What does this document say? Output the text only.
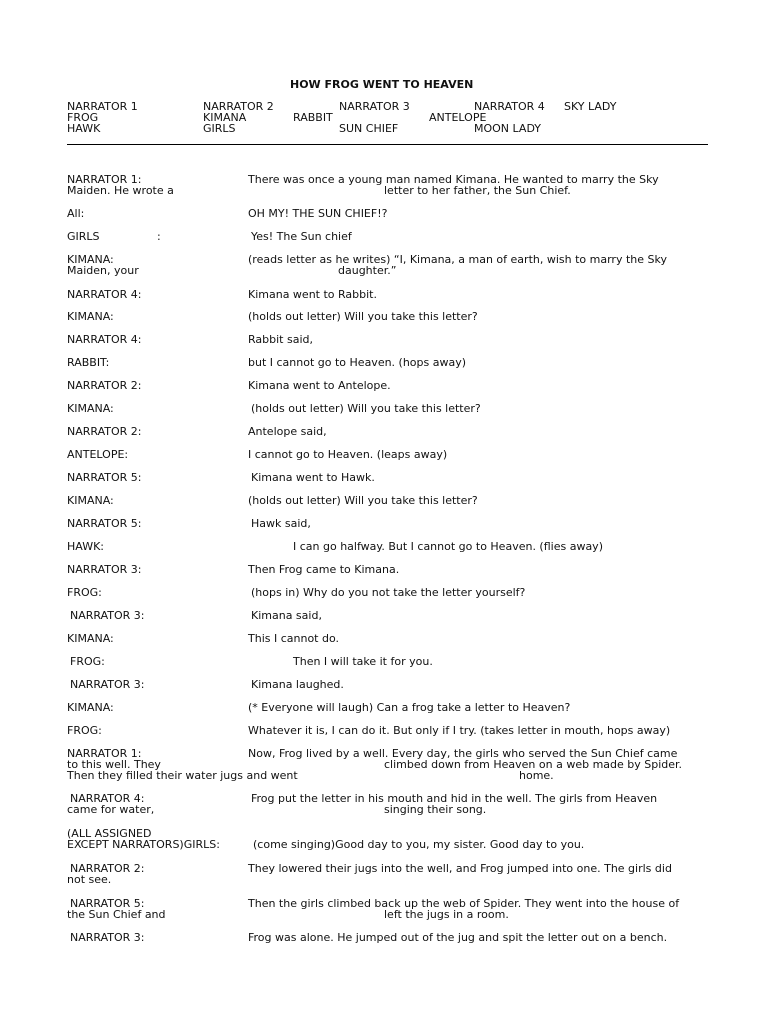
HOW FROG WENT TO HEAVEN
NARRATOR 1	NARRATOR 2	NARRATOR 3	NARRATOR 4 SKY LADY
FROG	KIMANA	RABBIT	ANTELOPE
HAWK	GIRLS	SUN CHIEF	MOON LADY
NARRATOR 1:	There was once a young man named Kimana. He wanted to marry the Sky
Maiden. He wrote a	letter to her father, the Sun Chief.
All:	OH MY! THE SUN CHIEF!?
GIRLS	:	Yes! The Sun chief
KIMANA:	(reads letter as he writes) “I, Kimana, a man of earth, wish to marry the Sky
Maiden, your	daughter.”
NARRATOR 4:	Kimana went to Rabbit.
KIMANA:	(holds out letter) Will you take this letter?
NARRATOR 4:	Rabbit said,
RABBIT:	but I cannot go to Heaven. (hops away)
NARRATOR 2:	Kimana went to Antelope.
KIMANA:	(holds out letter) Will you take this letter?
NARRATOR 2:	Antelope said,
ANTELOPE:	I cannot go to Heaven. (leaps away)
NARRATOR 5:	Kimana went to Hawk.
KIMANA:	(holds out letter) Will you take this letter?
NARRATOR 5:	Hawk said,
HAWK:	I can go halfway. But I cannot go to Heaven. (flies away)
NARRATOR 3:	Then Frog came to Kimana.
FROG:	(hops in) Why do you not take the letter yourself?
NARRATOR 3:	Kimana said,
KIMANA:	This I cannot do.
FROG:	Then I will take it for you.
NARRATOR 3:	Kimana laughed.
KIMANA:	(* Everyone will laugh) Can a frog take a letter to Heaven?
FROG:	Whatever it is, I can do it. But only if I try. (takes letter in mouth, hops away)
NARRATOR 1:	Now, Frog lived by a well. Every day, the girls who served the Sun Chief came
to this well. They	climbed down from Heaven on a web made by Spider.
Then they filled their water jugs and went	home.
NARRATOR 4:	Frog put the letter in his mouth and hid in the well. The girls from Heaven
came for water,	singing their song.
(ALL ASSIGNED
EXCEPT NARRATORS)GIRLS:	(come singing)Good day to you, my sister. Good day to you.
NARRATOR 2:	They lowered their jugs into the well, and Frog jumped into one. The girls did
not see.
NARRATOR 5:	Then the girls climbed back up the web of Spider. They went into the house of
the Sun Chief and	left the jugs in a room.
NARRATOR 3:	Frog was alone. He jumped out of the jug and spit the letter out on a bench.
